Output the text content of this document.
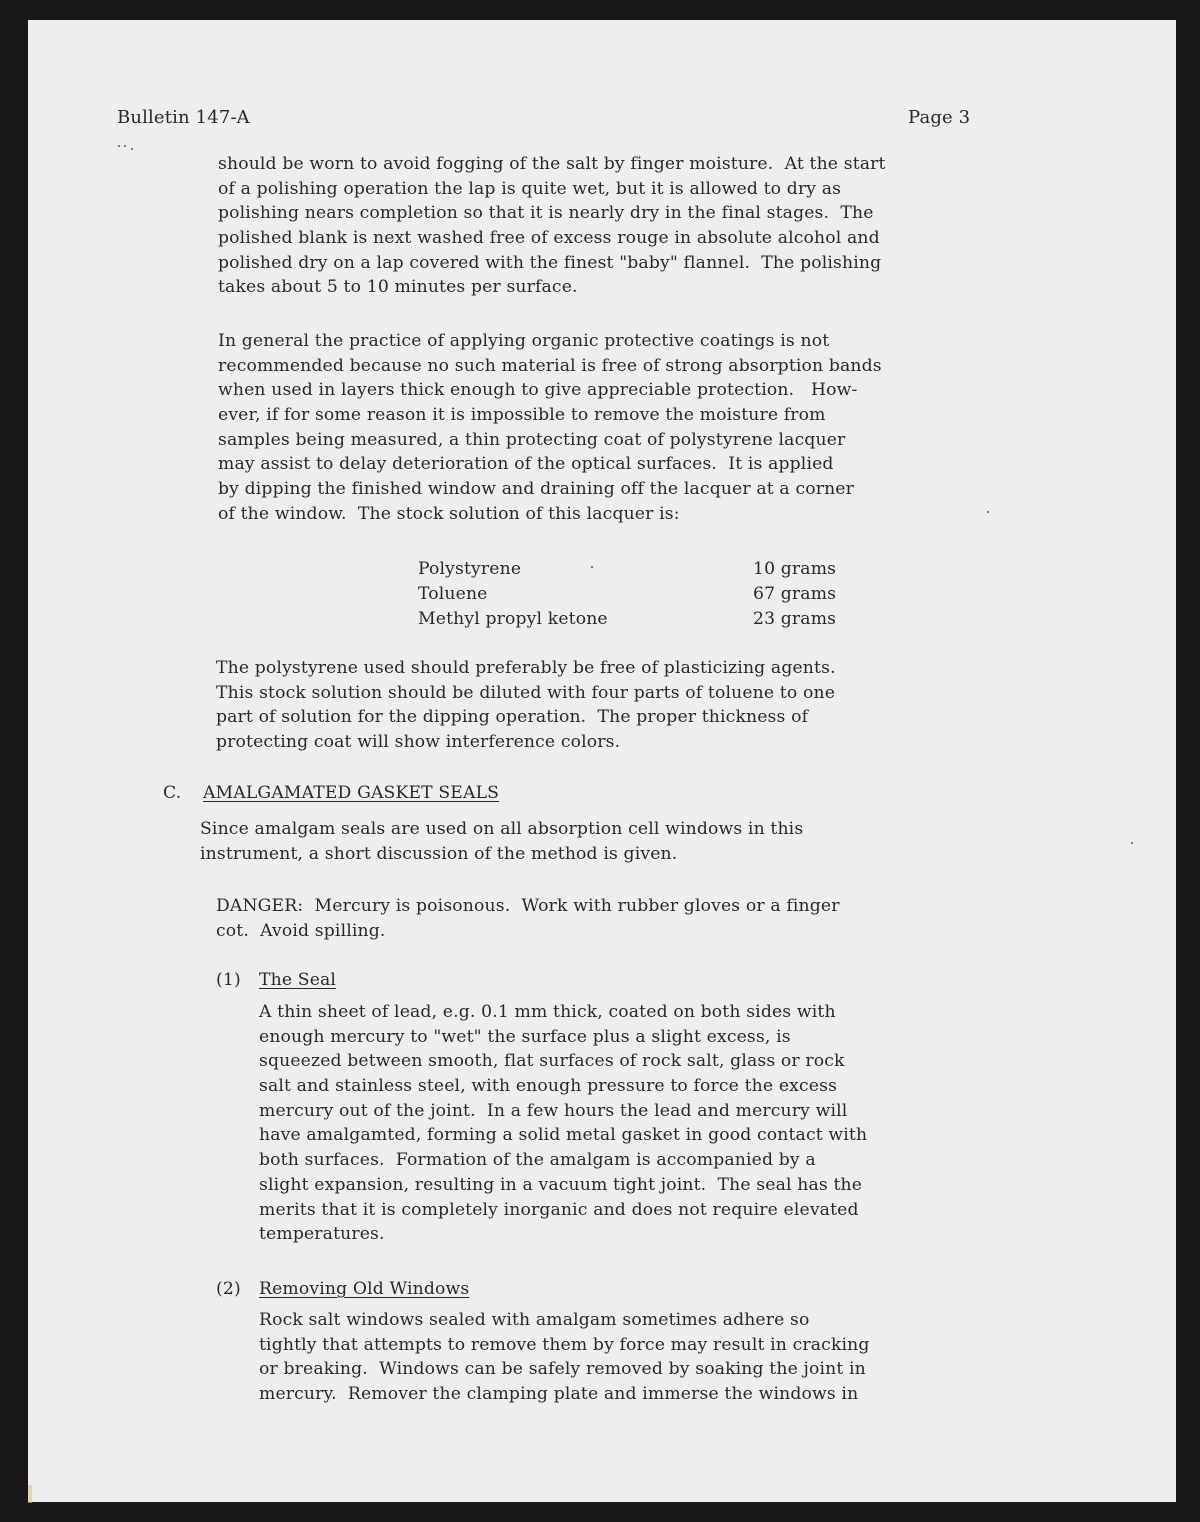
Bulletin 147-A	Page 3
should be worn to avoid fogging of the salt by finger moisture.  At the start
of a polishing operation the lap is quite wet, but it is allowed to dry as
polishing nears completion so that it is nearly dry in the final stages.  The
polished blank is next washed free of excess rouge in absolute alcohol and
polished dry on a lap covered with the finest "baby" flannel.  The polishing
takes about 5 to 10 minutes per surface.
In general the practice of applying organic protective coatings is not
recommended because no such material is free of strong absorption bands
when used in layers thick enough to give appreciable protection.   How-
ever, if for some reason it is impossible to remove the moisture from
samples being measured, a thin protecting coat of polystyrene lacquer
may assist to delay deterioration of the optical surfaces.  It is applied
by dipping the finished window and draining off the lacquer at a corner
of the window.  The stock solution of this lacquer is:
Polystyrene	10 grams
Toluene	67 grams
Methyl propyl ketone	23 grams
The polystyrene used should preferably be free of plasticizing agents.
This stock solution should be diluted with four parts of toluene to one
part of solution for the dipping operation.  The proper thickness of
protecting coat will show interference colors.
C. AMALGAMATED GASKET SEALS
Since amalgam seals are used on all absorption cell windows in this
instrument, a short discussion of the method is given.
DANGER:  Mercury is poisonous.  Work with rubber gloves or a finger
cot.  Avoid spilling.
(1) The Seal
A thin sheet of lead, e.g. 0.1 mm thick, coated on both sides with
enough mercury to "wet" the surface plus a slight excess, is
squeezed between smooth, flat surfaces of rock salt, glass or rock
salt and stainless steel, with enough pressure to force the excess
mercury out of the joint.  In a few hours the lead and mercury will
have amalgamted, forming a solid metal gasket in good contact with
both surfaces.  Formation of the amalgam is accompanied by a
slight expansion, resulting in a vacuum tight joint.  The seal has the
merits that it is completely inorganic and does not require elevated
temperatures.
(2) Removing Old Windows
Rock salt windows sealed with amalgam sometimes adhere so
tightly that attempts to remove them by force may result in cracking
or breaking.  Windows can be safely removed by soaking the joint in
mercury.  Remover the clamping plate and immerse the windows in
